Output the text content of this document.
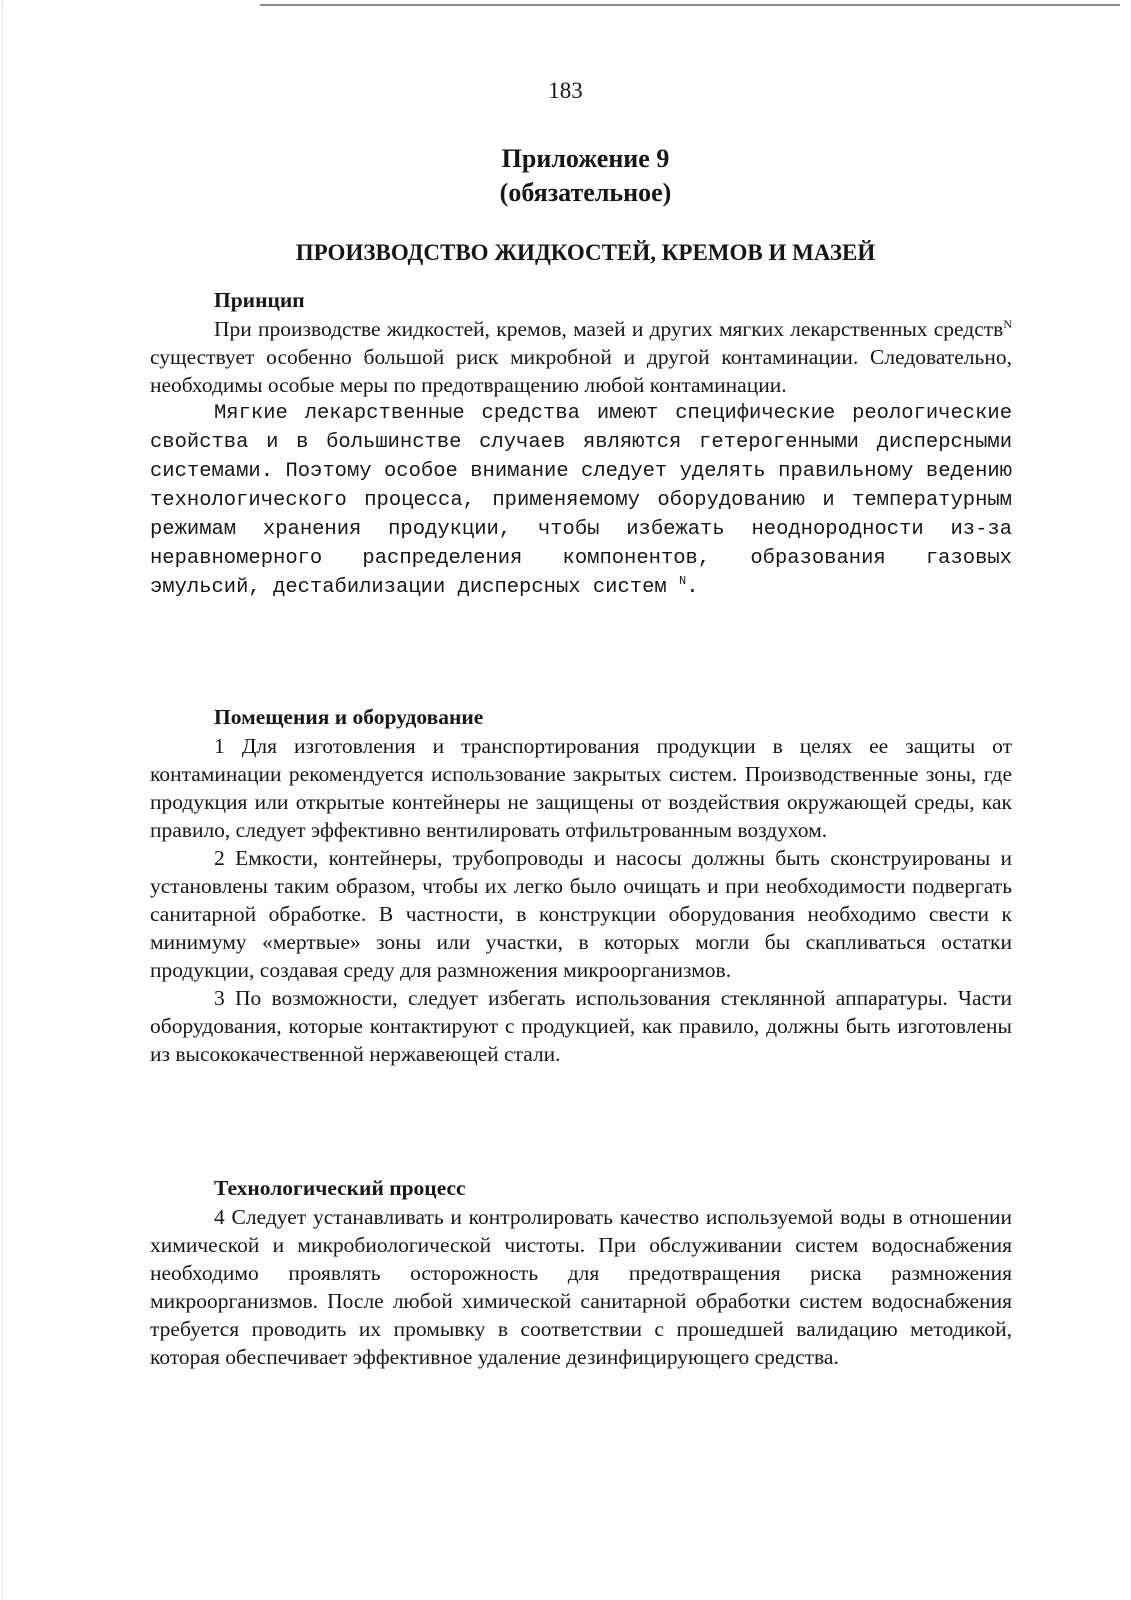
183
Приложение 9
(обязательное)
ПРОИЗВОДСТВО ЖИДКОСТЕЙ, КРЕМОВ И МАЗЕЙ
Принцип

При производстве жидкостей, кремов, мазей и других мягких лекарственных средств$^N$ существует особенно большой риск микробной и другой контаминации. Следовательно, необходимы особые меры по предотвращению любой контаминации.

Мягкие лекарственные средства имеют специфические реологические свойства и в большинстве случаев являются гетерогенными дисперсными системами. Поэтому особое внимание следует уделять правильному ведению технологического процесса, применяемому оборудованию и температурным режимам хранения продукции, чтобы избежать неоднородности из-за неравномерного распределения компонентов, образования газовых эмульсий, дестабилизации дисперсных систем $^N$.

Помещения и оборудование

1 Для изготовления и транспортирования продукции в целях ее защиты от контаминации рекомендуется использование закрытых систем. Производственные зоны, где продукция или открытые контейнеры не защищены от воздействия окружающей среды, как правило, следует эффективно вентилировать отфильтрованным воздухом.

2 Емкости, контейнеры, трубопроводы и насосы должны быть сконструированы и установлены таким образом, чтобы их легко было очищать и при необходимости подвергать санитарной обработке. В частности, в конструкции оборудования необходимо свести к минимуму «мертвые» зоны или участки, в которых могли бы скапливаться остатки продукции, создавая среду для размножения микроорганизмов.

3 По возможности, следует избегать использования стеклянной аппаратуры. Части оборудования, которые контактируют с продукцией, как правило, должны быть изготовлены из высококачественной нержавеющей стали.

Технологический процесс

4 Следует устанавливать и контролировать качество используемой воды в отношении химической и микробиологической чистоты. При обслуживании систем водоснабжения необходимо проявлять осторожность для предотвращения риска размножения микроорганизмов. После любой химической санитарной обработки систем водоснабжения требуется проводить их промывку в соответствии с прошедшей валидацию методикой, которая обеспечивает эффективное удаление дезинфицирующего средства.
